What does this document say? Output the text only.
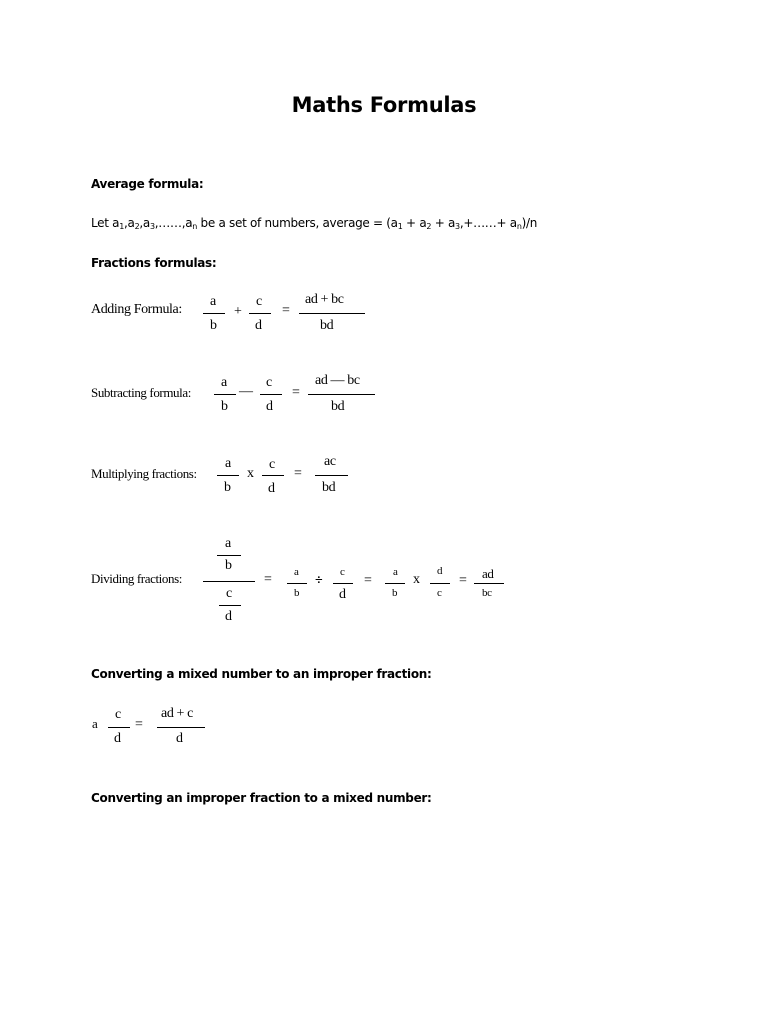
Maths Formulas
Average formula:
Let $a_1,a_2,a_3,\dots\dots,a_n$ be a set of numbers, average = ($a_1 + a_2$ + $a_3,+\dots\dots+ a_n)/n$
Fractions formulas:
Adding Formula:
a
b
+
c
d
=
ad + bc
bd
Subtracting formula:
a
b
—
c
d
=
ad — bc
bd
Multiplying fractions:
a
b
x
c
d
=
ac
bd
Dividing fractions:
a
b
c
d
= a
b
÷
c
d
=
a
b
x
d
c
= ad
bc
Converting a mixed number to an improper fraction:
a
c
d
=
ad + c
d
Converting an improper fraction to a mixed number:
